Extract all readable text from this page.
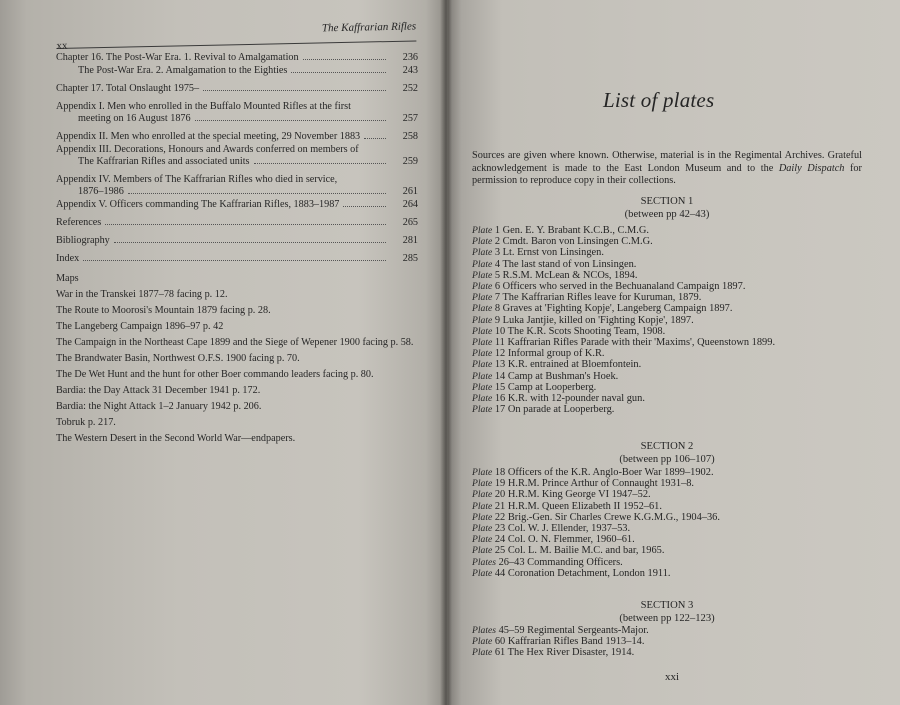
xx
The Kaffrarian Rifles
Chapter 16. The Post-War Era. 1. Revival to Amalgamation	236
The Post-War Era. 2. Amalgamation to the Eighties	243
Chapter 17. Total Onslaught 1975–	252
Appendix I. Men who enrolled in the Buffalo Mounted Rifles at the first
meeting on 16 August 1876	257
Appendix II. Men who enrolled at the special meeting, 29 November 1883	258
Appendix III. Decorations, Honours and Awards conferred on members of
The Kaffrarian Rifles and associated units	259
Appendix IV. Members of The Kaffrarian Rifles who died in service,
1876–1986	261
Appendix V. Officers commanding The Kaffrarian Rifles, 1883–1987	264
References	265
Bibliography	281
Index	285
Maps
War in the Transkei 1877–78 facing p. 12.
The Route to Moorosi's Mountain 1879 facing p. 28.
The Langeberg Campaign 1896–97 p. 42
The Campaign in the Northeast Cape 1899 and the Siege of Wepener 1900 facing p. 58.
The Brandwater Basin, Northwest O.F.S. 1900 facing p. 70.
The De Wet Hunt and the hunt for other Boer commando leaders facing p. 80.
Bardia: the Day Attack 31 December 1941 p. 172.
Bardia: the Night Attack 1–2 January 1942 p. 206.
Tobruk p. 217.
The Western Desert in the Second World War—endpapers.
List of plates
Sources are given where known. Otherwise, material is in the Regimental Archives. Grateful acknowledgement is made to the East London Museum and to the Daily Dispatch for permission to reproduce copy in their collections.
SECTION 1
(between pp 42–43)
Plate 1 Gen. E. Y. Brabant K.C.B., C.M.G.
Plate 2 Cmdt. Baron von Linsingen C.M.G.
Plate 3 Lt. Ernst von Linsingen.
Plate 4 The last stand of von Linsingen.
Plate 5 R.S.M. McLean & NCOs, 1894.
Plate 6 Officers who served in the Bechuanaland Campaign 1897.
Plate 7 The Kaffrarian Rifles leave for Kuruman, 1879.
Plate 8 Graves at 'Fighting Kopje', Langeberg Campaign 1897.
Plate 9 Luka Jantjie, killed on 'Fighting Kopje', 1897.
Plate 10 The K.R. Scots Shooting Team, 1908.
Plate 11 Kaffrarian Rifles Parade with their 'Maxims', Queenstown 1899.
Plate 12 Informal group of K.R.
Plate 13 K.R. entrained at Bloemfontein.
Plate 14 Camp at Bushman's Hoek.
Plate 15 Camp at Looperberg.
Plate 16 K.R. with 12-pounder naval gun.
Plate 17 On parade at Looperberg.
SECTION 2
(between pp 106–107)
Plate 18 Officers of the K.R. Anglo-Boer War 1899–1902.
Plate 19 H.R.M. Prince Arthur of Connaught 1931–8.
Plate 20 H.R.M. King George VI 1947–52.
Plate 21 H.R.M. Queen Elizabeth II 1952–61.
Plate 22 Brig.-Gen. Sir Charles Crewe K.G.M.G., 1904–36.
Plate 23 Col. W. J. Ellender, 1937–53.
Plate 24 Col. O. N. Flemmer, 1960–61.
Plate 25 Col. L. M. Bailie M.C. and bar, 1965.
Plates 26–43 Commanding Officers.
Plate 44 Coronation Detachment, London 1911.
SECTION 3
(between pp 122–123)
Plates 45–59 Regimental Sergeants-Major.
Plate 60 Kaffrarian Rifles Band 1913–14.
Plate 61 The Hex River Disaster, 1914.
xxi
